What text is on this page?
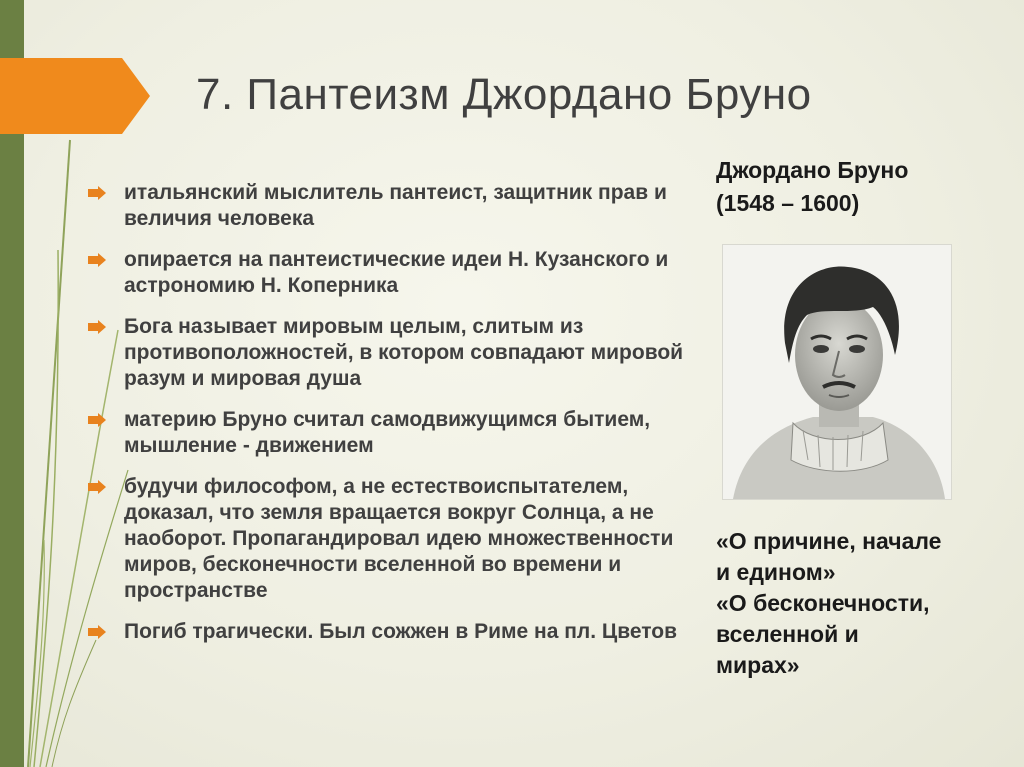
7. Пантеизм Джордано Бруно
итальянский мыслитель пантеист, защитник прав и величия человека
опирается на пантеистические идеи Н. Кузанского и астрономию Н. Коперника
Бога называет мировым целым, слитым из противоположностей, в котором совпадают мировой разум и мировая душа
материю Бруно считал самодвижущимся бытием, мышление - движением
будучи философом, а не естествоиспытателем, доказал, что земля вращается вокруг Солнца, а не наоборот. Пропагандировал идею множественности миров, бесконечности вселенной во времени и пространстве
Погиб трагически. Был сожжен в Риме на пл. Цветов
Джордано Бруно
(1548 – 1600)
«О причине, начале
и едином»
«О бесконечности,
вселенной и
мирах»
